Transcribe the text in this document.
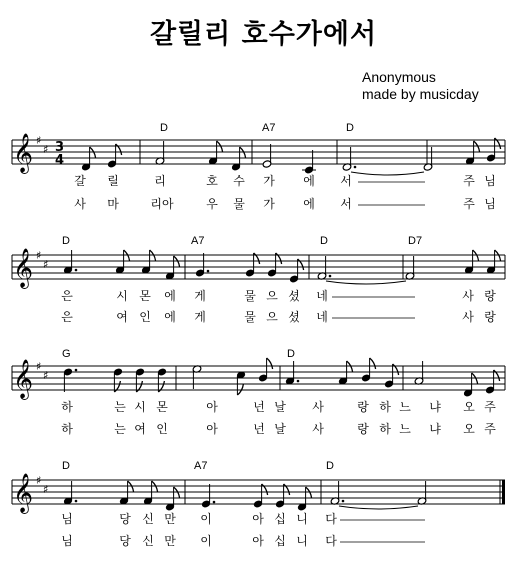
갈릴리 호수가에서
Anonymous
made by musicday
𝄞 ♯
♯ 3
4
D	A7	D
갈 릴	리	호 수 가 에 서	주 님
사 마	리아	우 물 가 에 서	주 님
𝄞 ♯
♯
D	A7	D	D7
은	시 몬 에 게	물 으 셨 네	사 랑
은	여 인 에 게	물 으 셨 네	사 랑
𝄞 ♯
♯
G	D
하	는 시 몬	아	넌 날 사	랑 하 느 냐 오 주
하	는 여 인	아	넌 날 사	랑 하 느 냐 오 주
𝄞 ♯
♯
D	A7	D
님	당 신 만 이	아 십 니 다
님	당 신 만 이	아 십 니 다
